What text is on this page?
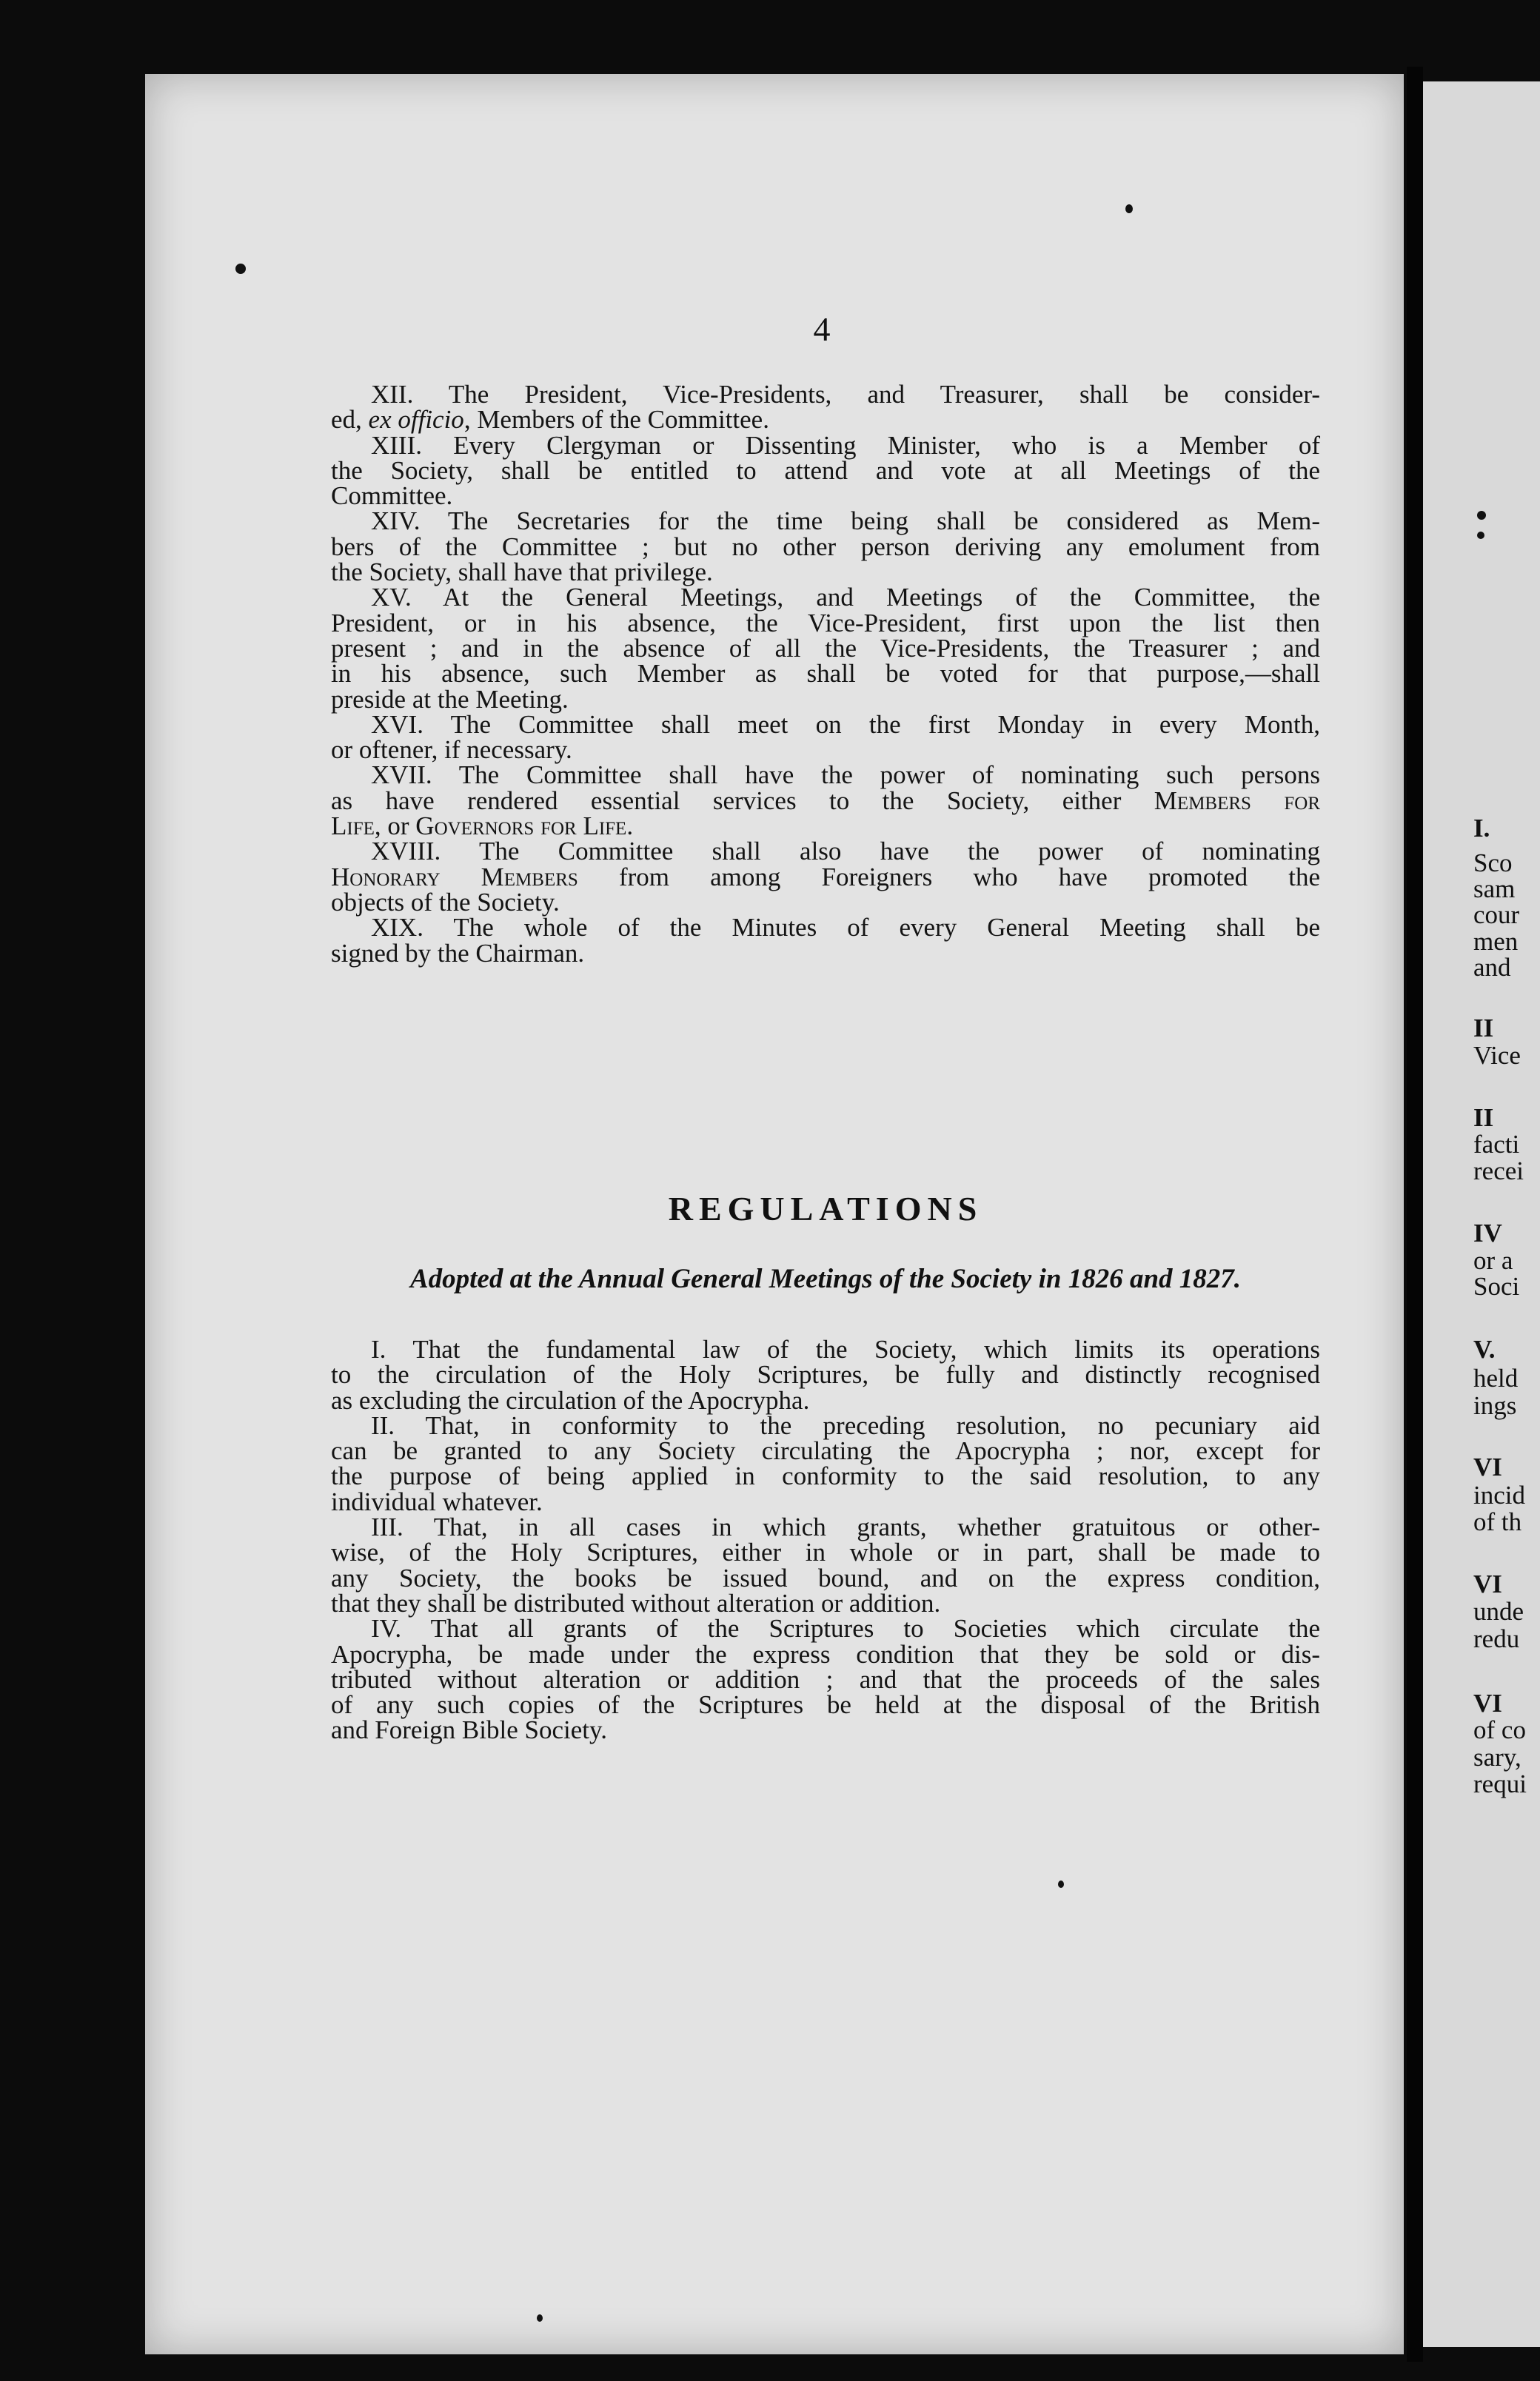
I.
Sco
sam
cour
men
and
II
Vice
II
facti
recei
IV
or a
Soci
V.
held
ings
VI
incid
of th
VI
unde
redu
VI
of co
sary,
requi
4
XII. The President, Vice-Presidents, and Treasurer, shall be consider-
ed, ex officio, Members of the Committee.
XIII. Every Clergyman or Dissenting Minister, who is a Member of
the Society, shall be entitled to attend and vote at all Meetings of the
Committee.
XIV. The Secretaries for the time being shall be considered as Mem-
bers of the Committee ; but no other person deriving any emolument from
the Society, shall have that privilege.
XV. At the General Meetings, and Meetings of the Committee, the
President, or in his absence, the Vice-President, first upon the list then
present ; and in the absence of all the Vice-Presidents, the Treasurer ; and
in his absence, such Member as shall be voted for that purpose,—shall
preside at the Meeting.
XVI. The Committee shall meet on the first Monday in every Month,
or oftener, if necessary.
XVII. The Committee shall have the power of nominating such persons
as have rendered essential services to the Society, either Members for
Life, or Governors for Life.
XVIII. The Committee shall also have the power of nominating
Honorary Members from among Foreigners who have promoted the
objects of the Society.
XIX. The whole of the Minutes of every General Meeting shall be
signed by the Chairman.
REGULATIONS
Adopted at the Annual General Meetings of the Society in 1826 and 1827.
I. That the fundamental law of the Society, which limits its operations
to the circulation of the Holy Scriptures, be fully and distinctly recognised
as excluding the circulation of the Apocrypha.
II. That, in conformity to the preceding resolution, no pecuniary aid
can be granted to any Society circulating the Apocrypha ; nor, except for
the purpose of being applied in conformity to the said resolution, to any
individual whatever.
III. That, in all cases in which grants, whether gratuitous or other-
wise, of the Holy Scriptures, either in whole or in part, shall be made to
any Society, the books be issued bound, and on the express condition,
that they shall be distributed without alteration or addition.
IV. That all grants of the Scriptures to Societies which circulate the
Apocrypha, be made under the express condition that they be sold or dis-
tributed without alteration or addition ; and that the proceeds of the sales
of any such copies of the Scriptures be held at the disposal of the British
and Foreign Bible Society.
